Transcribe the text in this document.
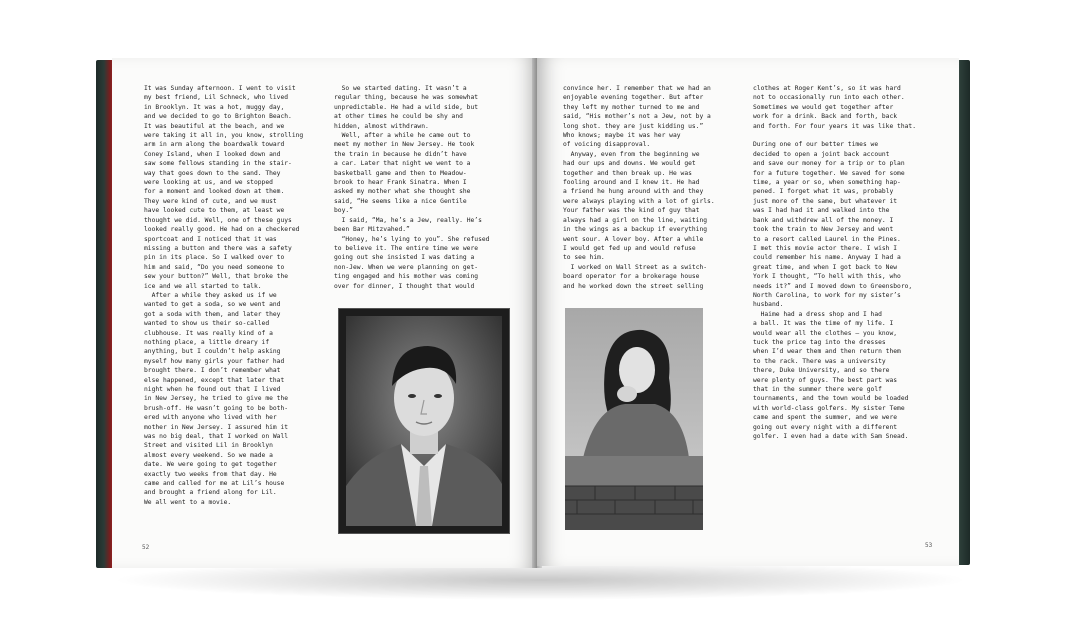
It was Sunday afternoon. I went to visit
my best friend, Lil Schneck, who lived
in Brooklyn. It was a hot, muggy day,
and we decided to go to Brighton Beach.
It was beautiful at the beach, and we
were taking it all in, you know, strolling
arm in arm along the boardwalk toward
Coney Island, when I looked down and
saw some fellows standing in the stair-
way that goes down to the sand. They
were looking at us, and we stopped
for a moment and looked down at them.
They were kind of cute, and we must
have looked cute to them, at least we
thought we did. Well, one of these guys
looked really good. He had on a checkered
sportcoat and I noticed that it was
missing a button and there was a safety
pin in its place. So I walked over to
him and said, “Do you need someone to
sew your button?” Well, that broke the
ice and we all started to talk.
After a while they asked us if we
wanted to get a soda, so we went and
got a soda with them, and later they
wanted to show us their so-called
clubhouse. It was really kind of a
nothing place, a little dreary if
anything, but I couldn’t help asking
myself how many girls your father had
brought there. I don’t remember what
else happened, except that later that
night when he found out that I lived
in New Jersey, he tried to give me the
brush-off. He wasn’t going to be both-
ered with anyone who lived with her
mother in New Jersey. I assured him it
was no big deal, that I worked on Wall
Street and visited Lil in Brooklyn
almost every weekend. So we made a
date. We were going to get together
exactly two weeks from that day. He
came and called for me at Lil’s house
and brought a friend along for Lil.
We all went to a movie.
So we started dating. It wasn’t a
regular thing, because he was somewhat
unpredictable. He had a wild side, but
at other times he could be shy and
hidden, almost withdrawn.
Well, after a while he came out to
meet my mother in New Jersey. He took
the train in because he didn’t have
a car. Later that night we went to a
basketball game and then to Meadow-
brook to hear Frank Sinatra. When I
asked my mother what she thought she
said, “He seems like a nice Gentile
boy.”
I said, “Ma, he’s a Jew, really. He’s
been Bar Mitzvahed.”
“Honey, he’s lying to you”. She refused
to believe it. The entire time we were
going out she insisted I was dating a
non-Jew. When we were planning on get-
ting engaged and his mother was coming
over for dinner, I thought that would
52
convince her. I remember that we had an
enjoyable evening together. But after
they left my mother turned to me and
said, “His mother’s not a Jew, not by a
long shot. they are just kidding us.”
Who knows; maybe it was her way
of voicing disapproval.
Anyway, even from the beginning we
had our ups and downs. We would get
together and then break up. He was
fooling around and I knew it. He had
a friend he hung around with and they
were always playing with a lot of girls.
Your father was the kind of guy that
always had a girl on the line, waiting
in the wings as a backup if everything
went sour. A lover boy. After a while
I would get fed up and would refuse
to see him.
I worked on Wall Street as a switch-
board operator for a brokerage house
and he worked down the street selling
clothes at Roger Kent’s, so it was hard
not to occasionally run into each other.
Sometimes we would get together after
work for a drink. Back and forth, back
and forth. For four years it was like that.

During one of our better times we
decided to open a joint back account
and save our money for a trip or to plan
for a future together. We saved for some
time, a year or so, when something hap-
pened. I forget what it was, probably
just more of the same, but whatever it
was I had had it and walked into the
bank and withdrew all of the money. I
took the train to New Jersey and went
to a resort called Laurel in the Pines.
I met this movie actor there. I wish I
could remember his name. Anyway I had a
great time, and when I got back to New
York I thought, “To hell with this, who
needs it?” and I moved down to Greensboro,
North Carolina, to work for my sister’s
husband.
Haime had a dress shop and I had
a ball. It was the time of my life. I
would wear all the clothes – you know,
tuck the price tag into the dresses
when I’d wear them and then return them
to the rack. There was a university
there, Duke University, and so there
were plenty of guys. The best part was
that in the summer there were golf
tournaments, and the town would be loaded
with world-class golfers. My sister Teme
came and spent the summer, and we were
going out every night with a different
golfer. I even had a date with Sam Snead.
53
